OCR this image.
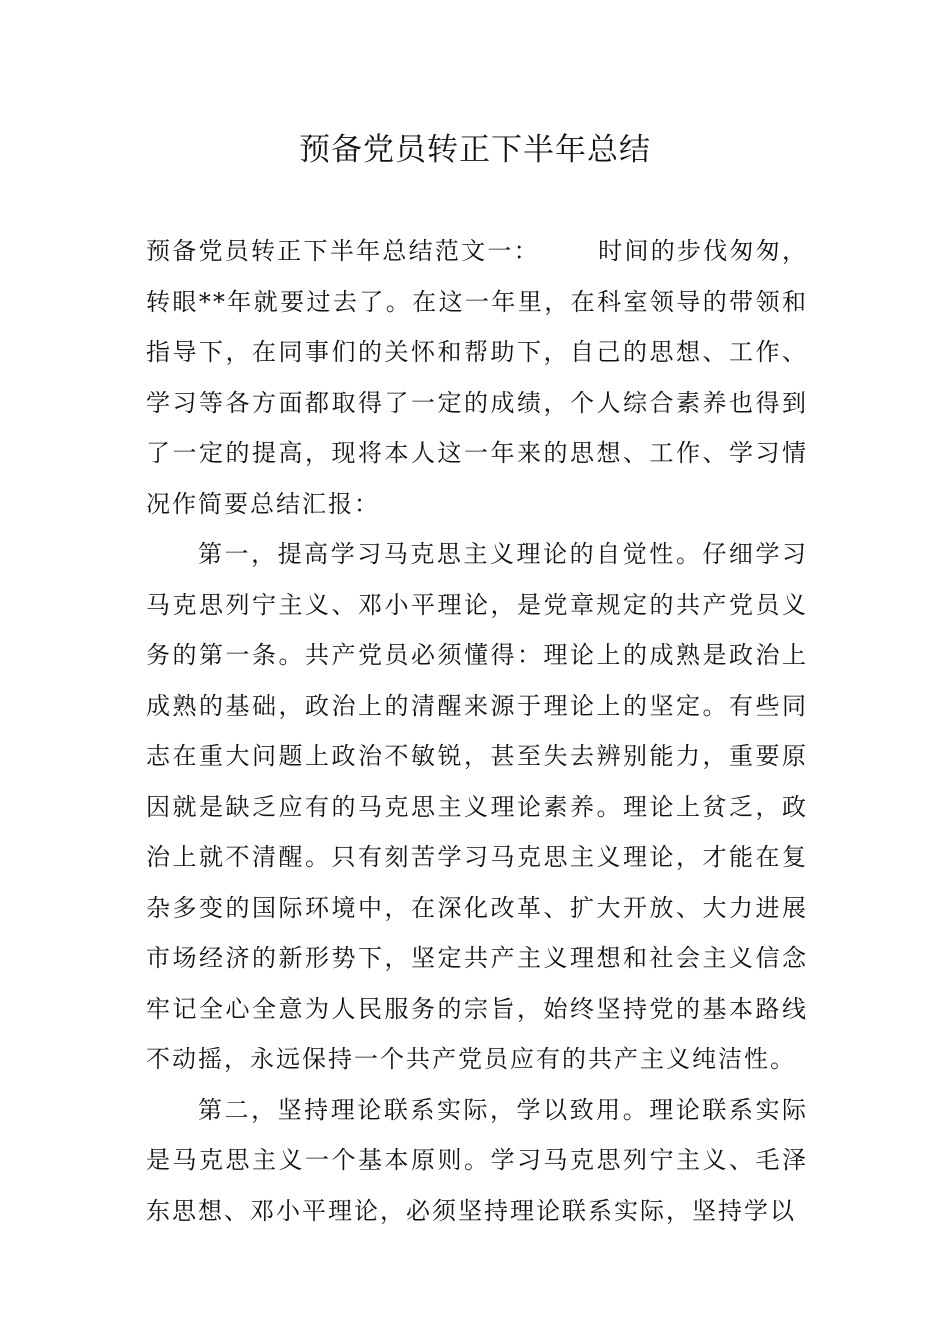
预备党员转正下半年总结

预备党员转正下半年总结范文一： 时间的步伐匆匆，转眼**年就要过去了。在这一年里，在科室领导的带领和指导下，在同事们的关怀和帮助下，自己的思想、工作、学习等各方面都取得了一定的成绩，个人综合素养也得到了一定的提高，现将本人这一年来的思想、工作、学习情况作简要总结汇报：

第一，提高学习马克思主义理论的自觉性。仔细学习马克思列宁主义、邓小平理论，是党章规定的共产党员义务的第一条。共产党员必须懂得：理论上的成熟是政治上成熟的基础，政治上的清醒来源于理论上的坚定。有些同志在重大问题上政治不敏锐，甚至失去辨别能力，重要原因就是缺乏应有的马克思主义理论素养。理论上贫乏，政治上就不清醒。只有刻苦学习马克思主义理论，才能在复杂多变的国际环境中，在深化改革、扩大开放、大力进展市场经济的新形势下，坚定共产主义理想和社会主义信念牢记全心全意为人民服务的宗旨，始终坚持党的基本路线不动摇，永远保持一个共产党员应有的共产主义纯洁性。

第二，坚持理论联系实际，学以致用。理论联系实际是马克思主义一个基本原则。学习马克思列宁主义、毛泽东思想、邓小平理论，必须坚持理论联系实际，坚持学以
